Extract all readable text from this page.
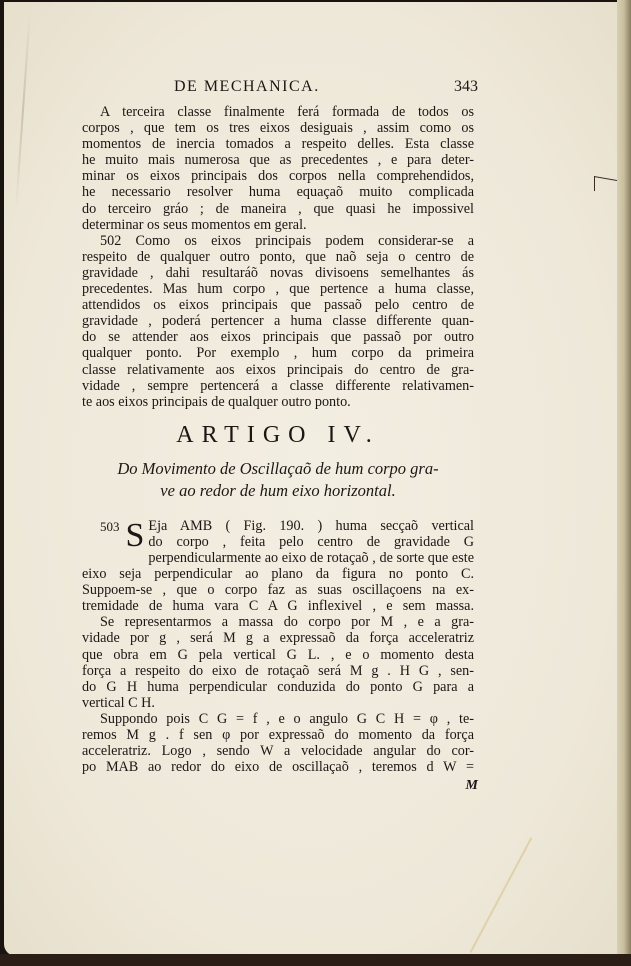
DE MECHANICA.	343
A terceira classe finalmente ferá formada de todos os
corpos , que tem os tres eixos desiguais , assim como os
momentos de inercia tomados a respeito delles. Esta classe
he muito mais numerosa que as precedentes , e para deter-
minar os eixos principais dos corpos nella comprehendidos,
he necessario resolver huma equaçaõ muito complicada
do terceiro gráo ; de maneira , que quasi he impossivel
determinar os seus momentos em geral.
502 Como os eixos principais podem considerar-se a
respeito de qualquer outro ponto, que naõ seja o centro de
gravidade , dahi resultaráõ novas divisoens semelhantes ás
precedentes. Mas hum corpo , que pertence a huma classe,
attendidos os eixos principais que passaõ pelo centro de
gravidade , poderá pertencer a huma classe differente quan-
do se attender aos eixos principais que passaõ por outro
qualquer ponto. Por exemplo , hum corpo da primeira
classe relativamente aos eixos principais do centro de gra-
vidade , sempre pertencerá a classe differente relativamen-
te aos eixos principais de qualquer outro ponto.
ARTIGO IV.
Do Movimento de Oscillaçaõ de hum corpo gra-
ve ao redor de hum eixo horizontal.
503 S Eja AMB ( Fig. 190. ) huma secçaõ vertical
do corpo , feita pelo centro de gravidade G
perpendicularmente ao eixo de rotaçaõ , de sorte que este
eixo seja perpendicular ao plano da figura no ponto C.
Suppoem-se , que o corpo faz as suas oscillaçoens na ex-
tremidade de huma vara C A G inflexivel , e sem massa.
Se representarmos a massa do corpo por M , e a gra-
vidade por g , será M g a expressaõ da força acceleratriz
que obra em G pela vertical G L. , e o momento desta
força a respeito do eixo de rotaçaõ será M g . H G , sen-
do G H huma perpendicular conduzida do ponto G para a
vertical C H.
Suppondo pois C G = f , e o angulo G C H = φ , te-
remos M g . f sen φ por expressaõ do momento da força
acceleratriz. Logo , sendo W a velocidade angular do cor-
po MAB ao redor do eixo de oscillaçaõ , teremos d W =
M
